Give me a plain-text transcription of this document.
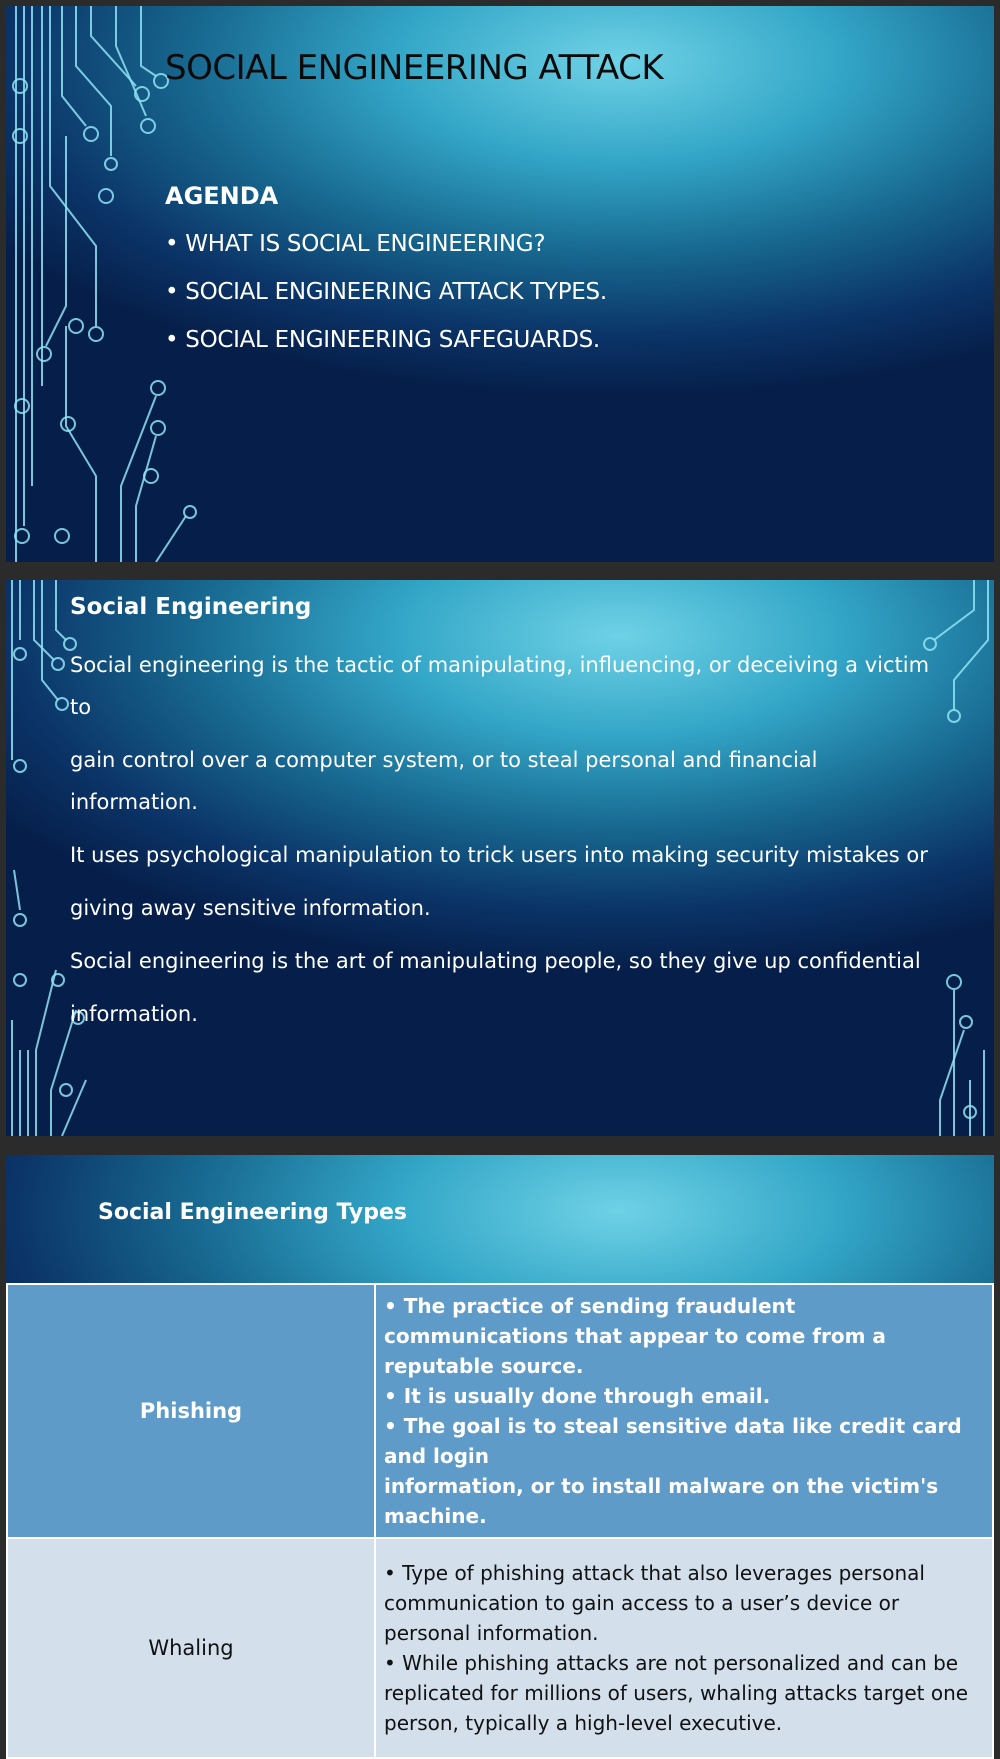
SOCIAL ENGINEERING ATTACK
AGENDA
• WHAT IS SOCIAL ENGINEERING?
• SOCIAL ENGINEERING ATTACK TYPES.
• SOCIAL ENGINEERING SAFEGUARDS.
Social Engineering

Social engineering is the tactic of manipulating, influencing, or deceiving a victim to

gain control over a computer system, or to steal personal and financial information.

It uses psychological manipulation to trick users into making security mistakes or

giving away sensitive information.

Social engineering is the art of manipulating people, so they give up confidential

information.

Social Engineering Types
Phishing	• The practice of sending fraudulent communications that appear to come from a reputable source.
• It is usually done through email.
• The goal is to steal sensitive data like credit card and login
information, or to install malware on the victim's machine.

Whaling	• Type of phishing attack that also leverages personal communication to gain access to a user’s device or personal information.
• While phishing attacks are not personalized and can be replicated for millions of users, whaling attacks target one person, typically a high-level executive.
